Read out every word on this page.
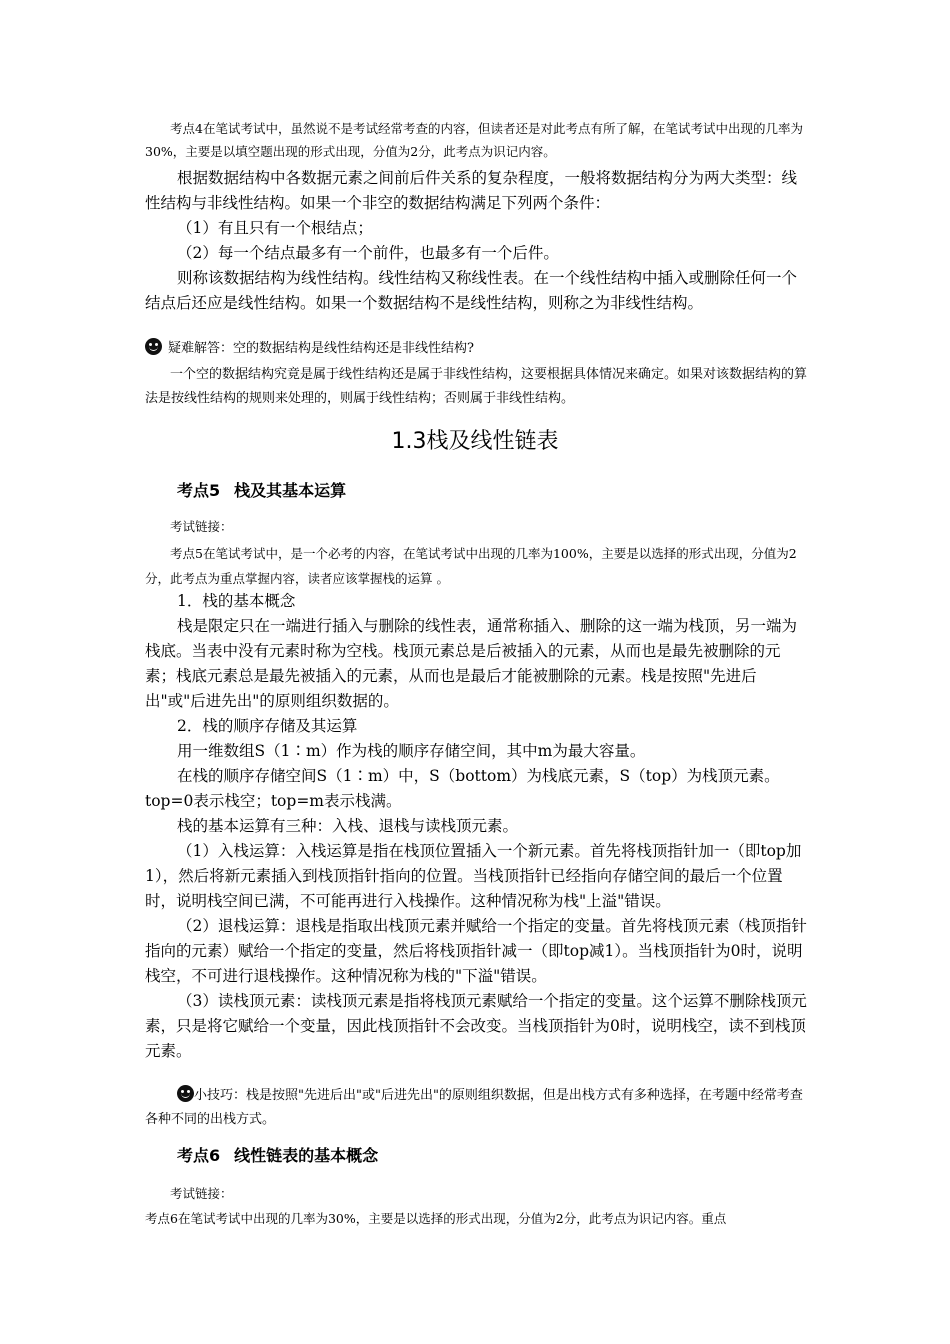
考点4在笔试考试中，虽然说不是考试经常考查的内容，但读者还是对此考点有所了解，在笔试考试中出现的几率为30%，主要是以填空题出现的形式出现，分值为2分，此考点为识记内容。
根据数据结构中各数据元素之间前后件关系的复杂程度，一般将数据结构分为两大类型：线性结构与非线性结构。如果一个非空的数据结构满足下列两个条件：
（1）有且只有一个根结点；
（2）每一个结点最多有一个前件，也最多有一个后件。
则称该数据结构为线性结构。线性结构又称线性表。在一个线性结构中插入或删除任何一个结点后还应是线性结构。如果一个数据结构不是线性结构，则称之为非线性结构。
疑难解答：空的数据结构是线性结构还是非线性结构?
一个空的数据结构究竟是属于线性结构还是属于非线性结构，这要根据具体情况来确定。如果对该数据结构的算法是按线性结构的规则来处理的，则属于线性结构；否则属于非线性结构。
1.3栈及线性链表
考点5 栈及其基本运算
考试链接：
考点5在笔试考试中，是一个必考的内容，在笔试考试中出现的几率为100%，主要是以选择的形式出现，分值为2分，此考点为重点掌握内容，读者应该掌握栈的运算 。
1．栈的基本概念
栈是限定只在一端进行插入与删除的线性表，通常称插入、删除的这一端为栈顶，另一端为栈底。当表中没有元素时称为空栈。栈顶元素总是后被插入的元素，从而也是最先被删除的元素；栈底元素总是最先被插入的元素，从而也是最后才能被删除的元素。栈是按照"先进后出"或"后进先出"的原则组织数据的。
2．栈的顺序存储及其运算
用一维数组S（1∶m）作为栈的顺序存储空间，其中m为最大容量。
在栈的顺序存储空间S（1∶m）中，S（bottom）为栈底元素，S（top）为栈顶元素。top=0表示栈空；top=m表示栈满。
栈的基本运算有三种：入栈、退栈与读栈顶元素。
（1）入栈运算：入栈运算是指在栈顶位置插入一个新元素。首先将栈顶指针加一（即top加1），然后将新元素插入到栈顶指针指向的位置。当栈顶指针已经指向存储空间的最后一个位置时，说明栈空间已满，不可能再进行入栈操作。这种情况称为栈"上溢"错误。
（2）退栈运算：退栈是指取出栈顶元素并赋给一个指定的变量。首先将栈顶元素（栈顶指针指向的元素）赋给一个指定的变量，然后将栈顶指针减一（即top减1）。当栈顶指针为0时，说明栈空，不可进行退栈操作。这种情况称为栈的"下溢"错误。
（3）读栈顶元素：读栈顶元素是指将栈顶元素赋给一个指定的变量。这个运算不删除栈顶元素，只是将它赋给一个变量，因此栈顶指针不会改变。当栈顶指针为0时，说明栈空，读不到栈顶元素。
小技巧：栈是按照"先进后出"或"后进先出"的原则组织数据，但是出栈方式有多种选择，在考题中经常考查各种不同的出栈方式。
考点6 线性链表的基本概念
考试链接：
考点6在笔试考试中出现的几率为30%，主要是以选择的形式出现，分值为2分，此考点为识记内容。重点
